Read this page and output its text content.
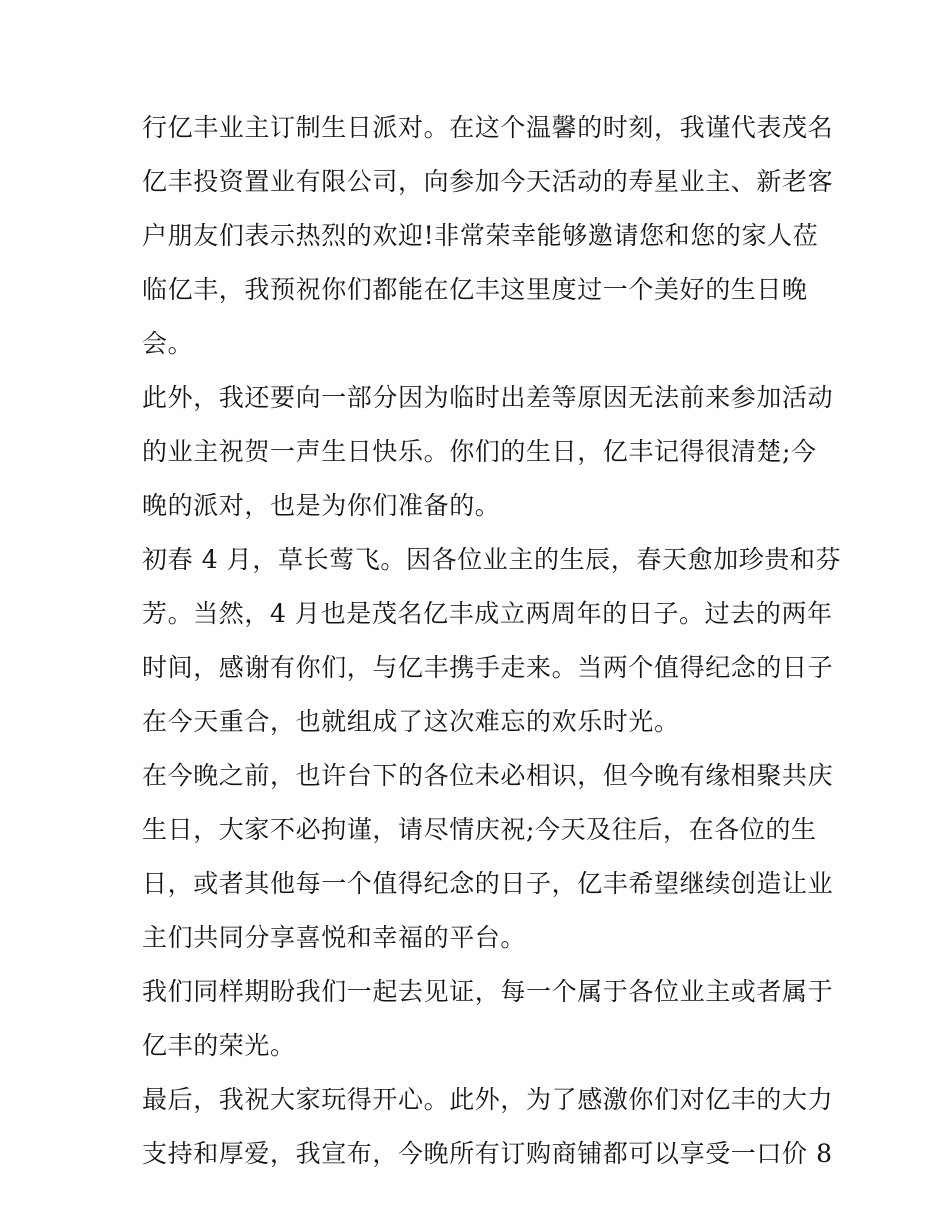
行亿丰业主订制生日派对。在这个温馨的时刻，我谨代表茂名
亿丰投资置业有限公司，向参加今天活动的寿星业主、新老客
户朋友们表示热烈的欢迎!非常荣幸能够邀请您和您的家人莅
临亿丰，我预祝你们都能在亿丰这里度过一个美好的生日晚
会。
此外，我还要向一部分因为临时出差等原因无法前来参加活动
的业主祝贺一声生日快乐。你们的生日，亿丰记得很清楚;今
晚的派对，也是为你们准备的。
初春 4 月，草长莺飞。因各位业主的生辰，春天愈加珍贵和芬
芳。当然，4 月也是茂名亿丰成立两周年的日子。过去的两年
时间，感谢有你们，与亿丰携手走来。当两个值得纪念的日子
在今天重合，也就组成了这次难忘的欢乐时光。
在今晚之前，也许台下的各位未必相识，但今晚有缘相聚共庆
生日，大家不必拘谨，请尽情庆祝;今天及往后，在各位的生
日，或者其他每一个值得纪念的日子，亿丰希望继续创造让业
主们共同分享喜悦和幸福的平台。
我们同样期盼我们一起去见证，每一个属于各位业主或者属于
亿丰的荣光。
最后，我祝大家玩得开心。此外，为了感激你们对亿丰的大力
支持和厚爱，我宣布，今晚所有订购商铺都可以享受一口价 8
